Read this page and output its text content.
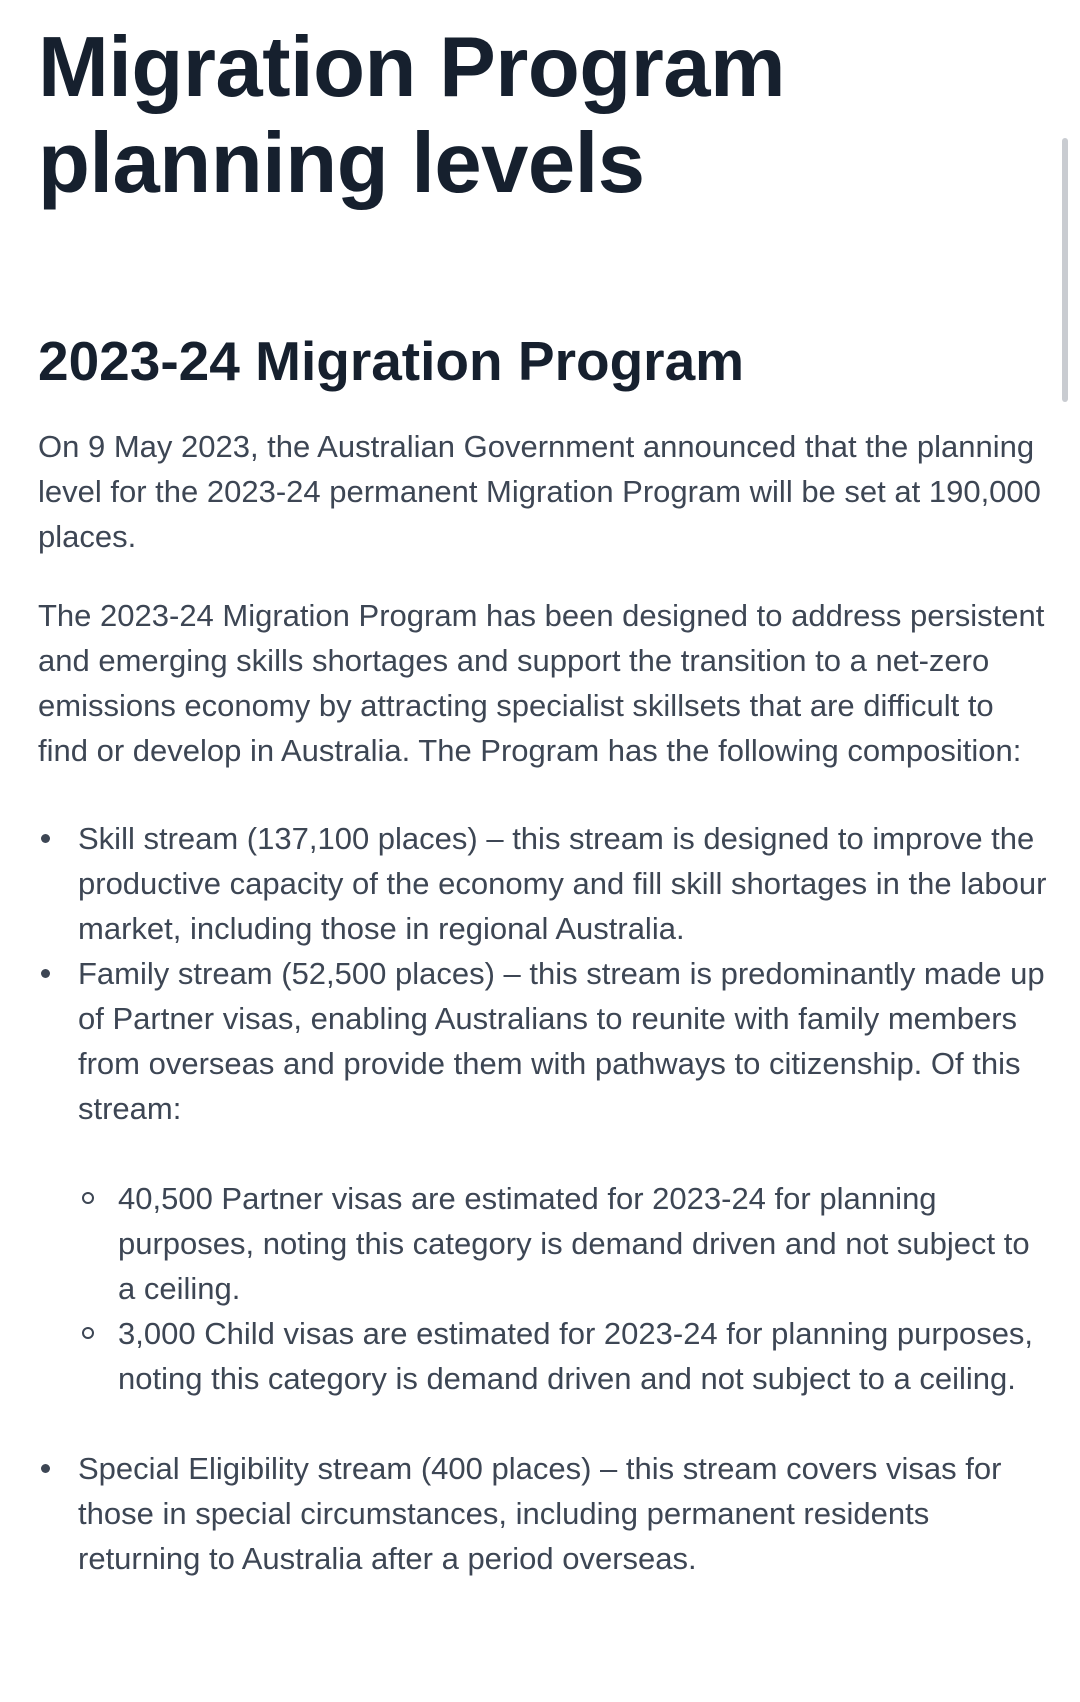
Migration Program planning levels
2023-24 Migration Program

On 9 May 2023, the Australian Government announced that the planning level for the 2023-24 permanent Migration Program will be set at 190,000 places.

The 2023-24 Migration Program has been designed to address persistent and emerging skills shortages and support the transition to a net-zero emissions economy by attracting specialist skillsets that are difficult to find or develop in Australia. The Program has the following composition:

Skill stream (137,100 places) – this stream is designed to improve the productive capacity of the economy and fill skill shortages in the labour market, including those in regional Australia.
Family stream (52,500 places) – this stream is predominantly made up of Partner visas, enabling Australians to reunite with family members from overseas and provide them with pathways to citizenship. Of this stream:
40,500 Partner visas are estimated for 2023-24 for planning purposes, noting this category is demand driven and not subject to a ceiling.
3,000 Child visas are estimated for 2023-24 for planning purposes, noting this category is demand driven and not subject to a ceiling.
Special Eligibility stream (400 places) – this stream covers visas for those in special circumstances, including permanent residents returning to Australia after a period overseas.
